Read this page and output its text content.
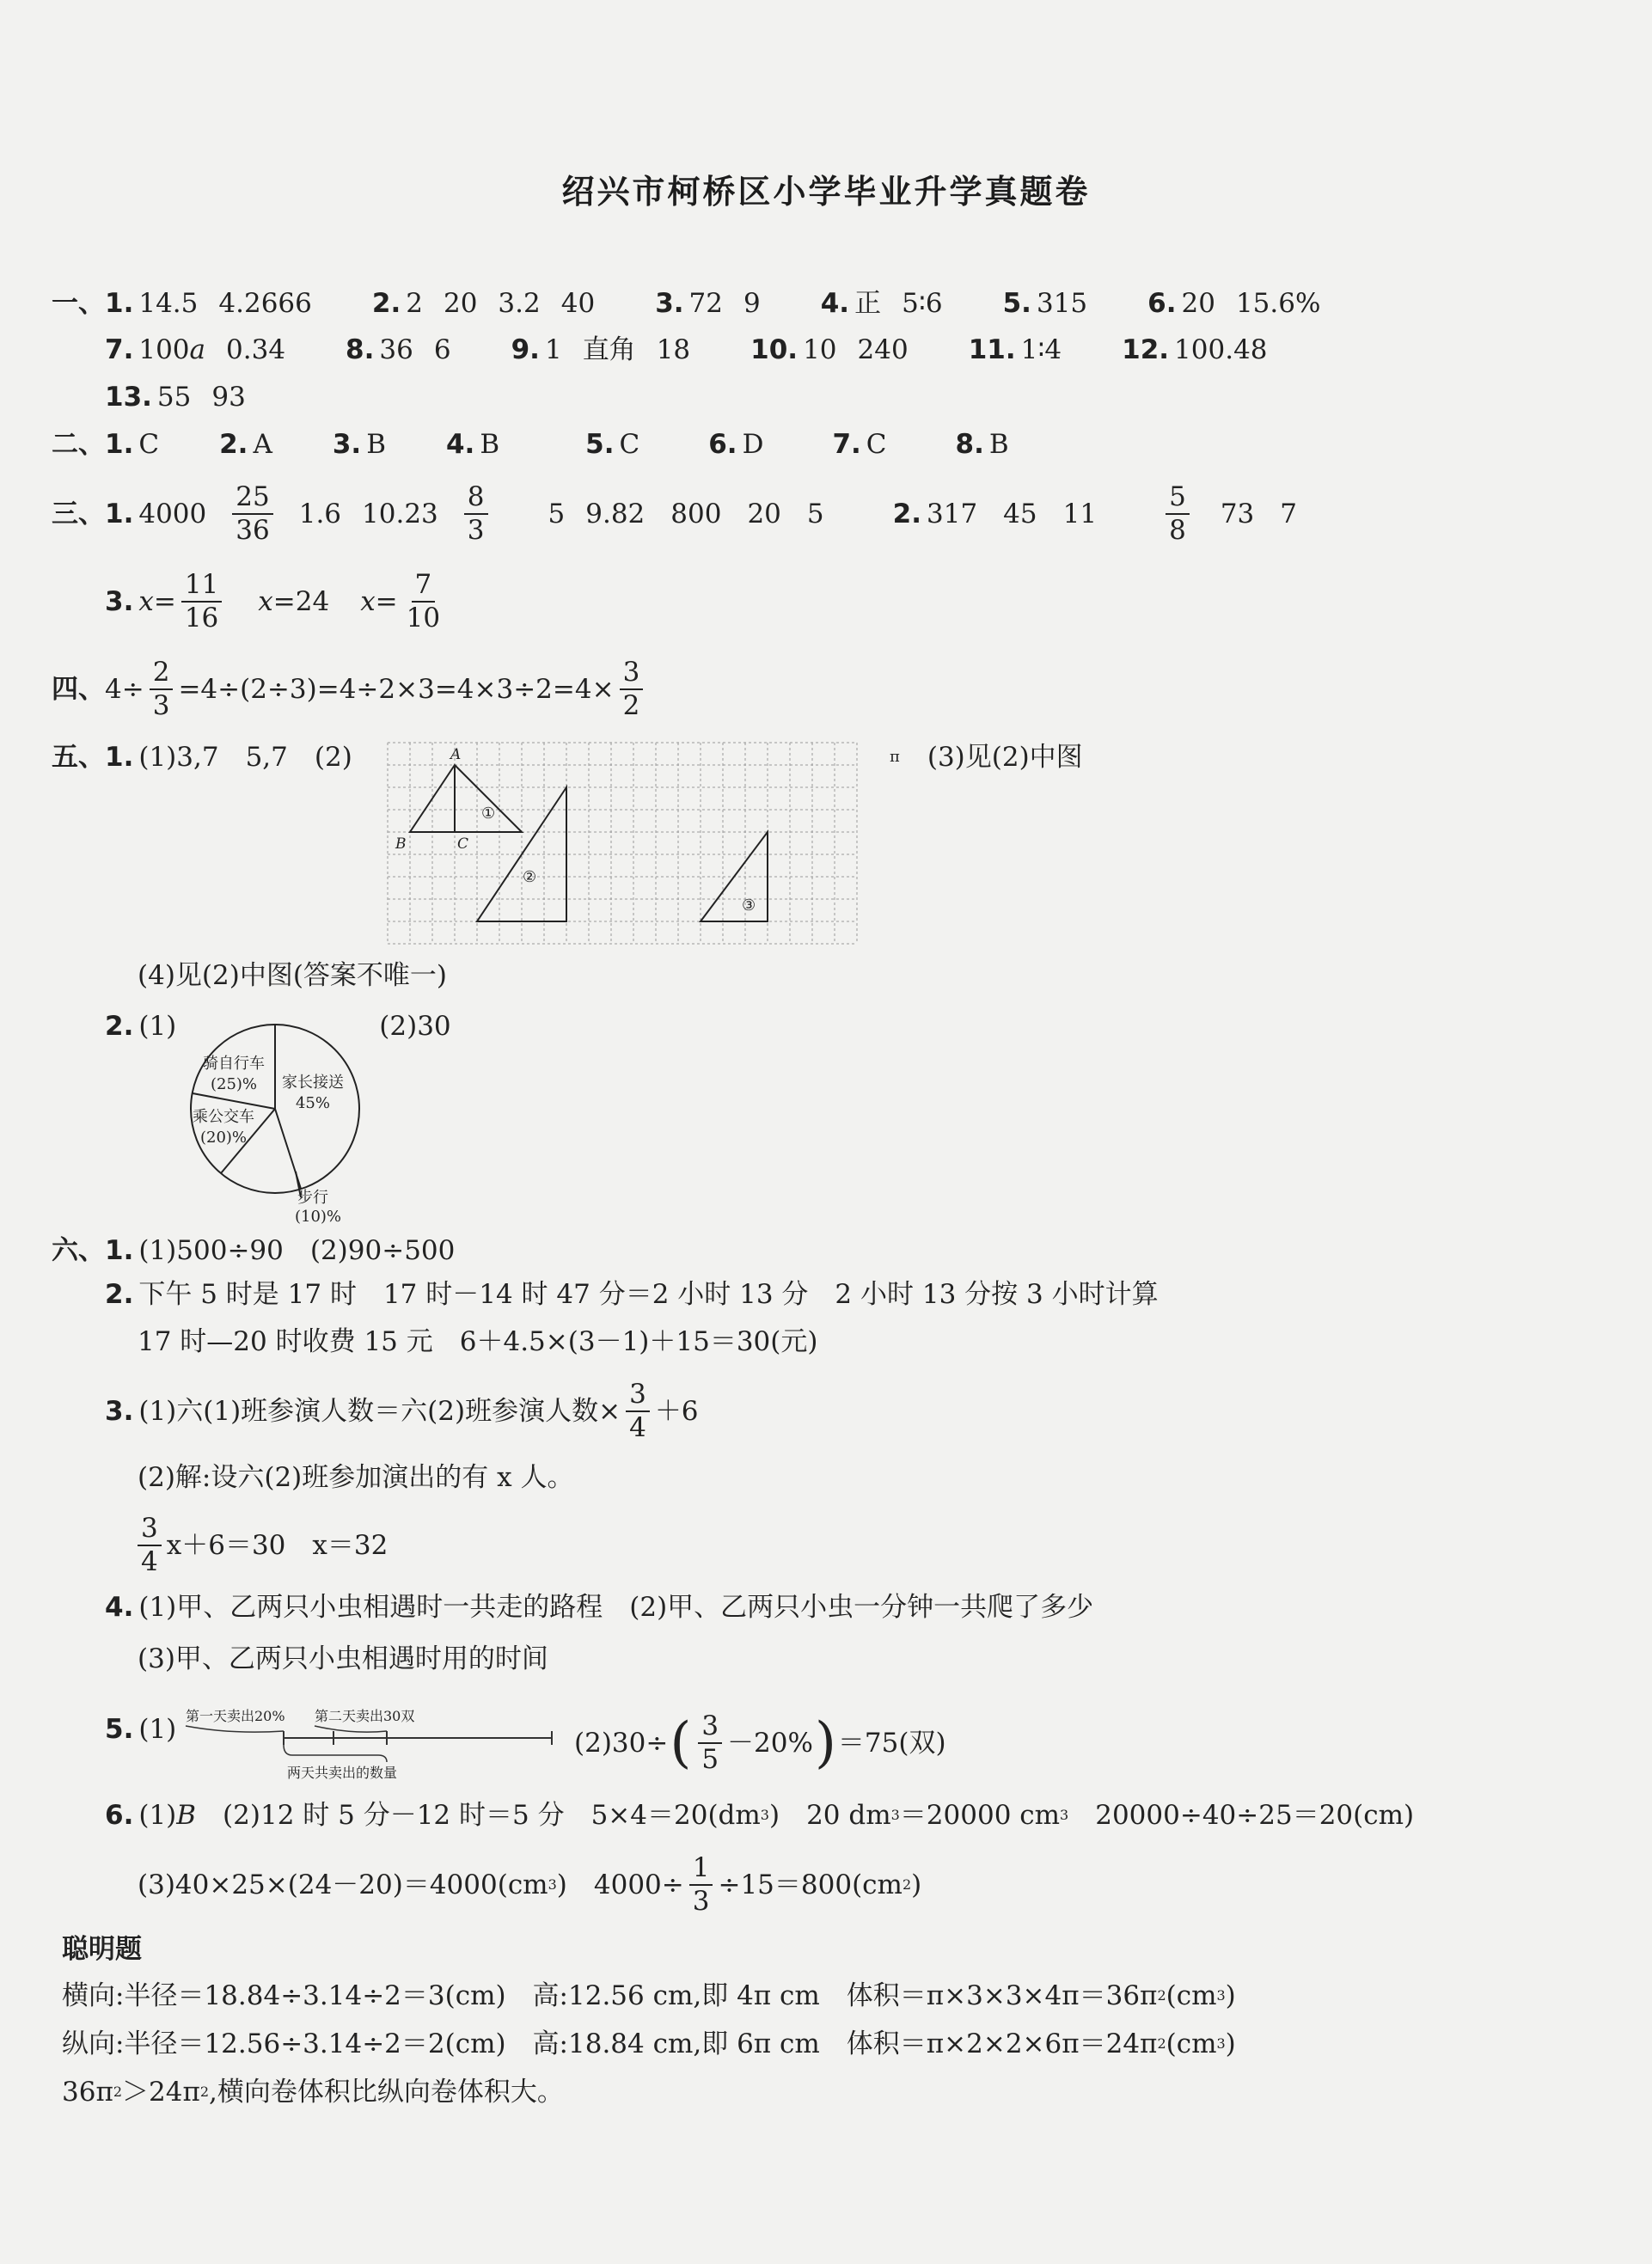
绍兴市柯桥区小学毕业升学真题卷
一、 1. 14.5 4.2666 2. 2 20 3.2 40 3. 72 9 4. 正 5∶6 5. 315 6. 20 15.6%
7. 100 a 0.34 8. 36 6 9. 1 直角 18 10. 10 240 11. 1∶4 12. 100.48
13. 55 93
二、 1. C 2. A 3. B 4. B	5. C	6. D	7. C	8. B
三、 1. $4000 \frac{25}{36} 1.6$ $10.23 \frac{8}{3} 5$ 9.82 800 20 5	2. 317 45 11	$\frac{5}{8} 73$ 7
3. $x = \frac{11}{16}$ x =24 $x = \frac{7}{10}$
四、 $4\div \frac{2}{3} =4\div(2\div 3)=4\div 2\times 3=4\times 3\div 2=4\times \frac{3}{2}$
五、 1. (1)3,7　5,7　(2)	A
B	C
①
②
③
π (3)见(2)中图
(4)见(2)中图(答案不唯一)
2. (1)	(2)30
骑自行车
(25)% 家长接送
45%
乘公交车
(20)%
步行
(10)%
六、 1. (1)500÷90　(2)90÷500
2. 下午 5 时是 17 时　17 时－14 时 47 分＝2 小时 13 分　2 小时 13 分按 3 小时计算
17 时—20 时收费 15 元　6＋4.5×(3－1)＋15＝30(元)
3. (1)六(1)班参演人数＝六(2)班参演人数× $\frac{3}{4} +6$
(2)解:设六(2)班参加演出的有 x 人。
$\frac{3}{4} x+6=30$　x＝32
4. (1)甲、乙两只小虫相遇时一共走的路程　(2)甲、乙两只小虫一分钟一共爬了多少
(3)甲、乙两只小虫相遇时用的时间
5. (1) 第一天卖出20% 第二天卖出30双
两天共卖出的数量
(2)30÷ ( $\frac{3}{5} -20\%$ ) ＝75(双)
6. (1) B 　(2)12 时 5 分－12 时＝5 分　5×4＝20(dm 3 )　20 dm 3 ＝20000 cm 3 　20000÷40÷25＝20(cm)
(3)40×25×(24－20)＝4000(cm 3 )　$4000\div \frac{1}{3} \div 15=800(cm$ 2 )
聪明题
横向:半径＝18.84÷3.14÷2＝3(cm)　高:12.56 cm,即 4π cm　体积＝π×3×3×4π＝36π 2 (cm 3 )
纵向:半径＝12.56÷3.14÷2＝2(cm)　高:18.84 cm,即 6π cm　体积＝π×2×2×6π＝24π 2 (cm 3 )
36π 2 ＞24π 2 ,横向卷体积比纵向卷体积大。
